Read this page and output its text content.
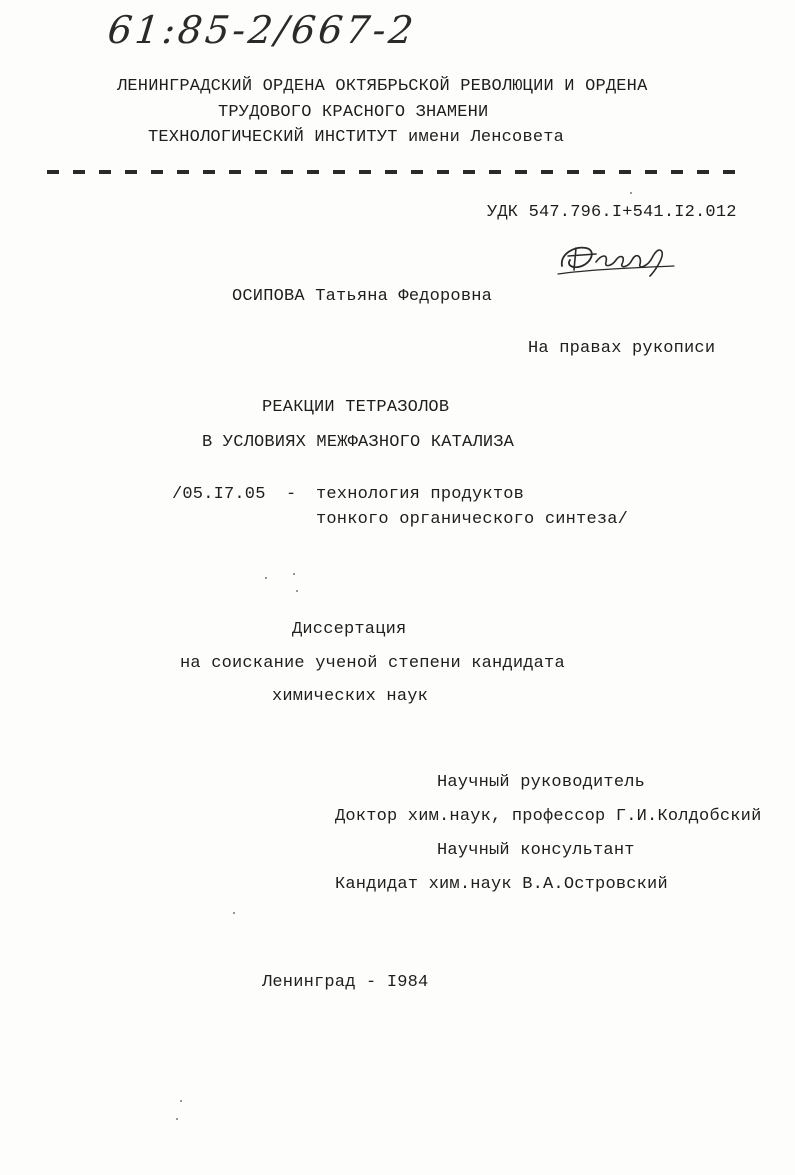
61:85-2/667-2
ЛЕНИНГРАДСКИЙ ОРДЕНА ОКТЯБРЬСКОЙ РЕВОЛЮЦИИ И ОРДЕНА
ТРУДОВОГО КРАСНОГО ЗНАМЕНИ
ТЕХНОЛОГИЧЕСКИЙ ИНСТИТУТ имени Ленсовета
УДК 547.796.I+541.I2.012
ОСИПОВА Татьяна Федоровна
На правах рукописи
РЕАКЦИИ ТЕТРАЗОЛОВ
В УСЛОВИЯХ МЕЖФАЗНОГО КАТАЛИЗА
/05.I7.05 - технология продуктов
тонкого органического синтеза/
Диссертация
на соискание ученой степени кандидата
химических наук
Научный руководитель
Доктор хим.наук, профессор Г.И.Колдобский
Научный консультант
Кандидат хим.наук В.А.Островский
Ленинград - I984
